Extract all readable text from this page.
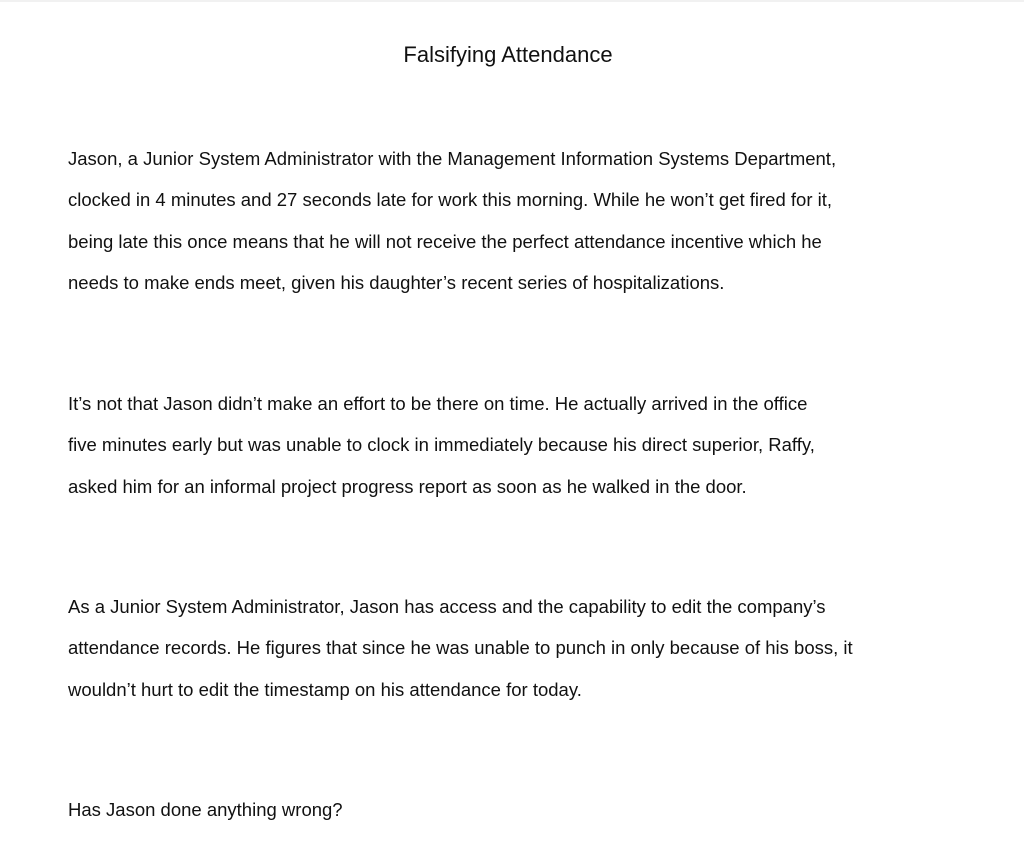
Falsifying Attendance

Jason, a Junior System Administrator with the Management Information Systems Department,
clocked in 4 minutes and 27 seconds late for work this morning. While he won’t get fired for it,
being late this once means that he will not receive the perfect attendance incentive which he
needs to make ends meet, given his daughter’s recent series of hospitalizations.

It’s not that Jason didn’t make an effort to be there on time. He actually arrived in the office
five minutes early but was unable to clock in immediately because his direct superior, Raffy,
asked him for an informal project progress report as soon as he walked in the door.

As a Junior System Administrator, Jason has access and the capability to edit the company’s
attendance records. He figures that since he was unable to punch in only because of his boss, it
wouldn’t hurt to edit the timestamp on his attendance for today.

Has Jason done anything wrong?
